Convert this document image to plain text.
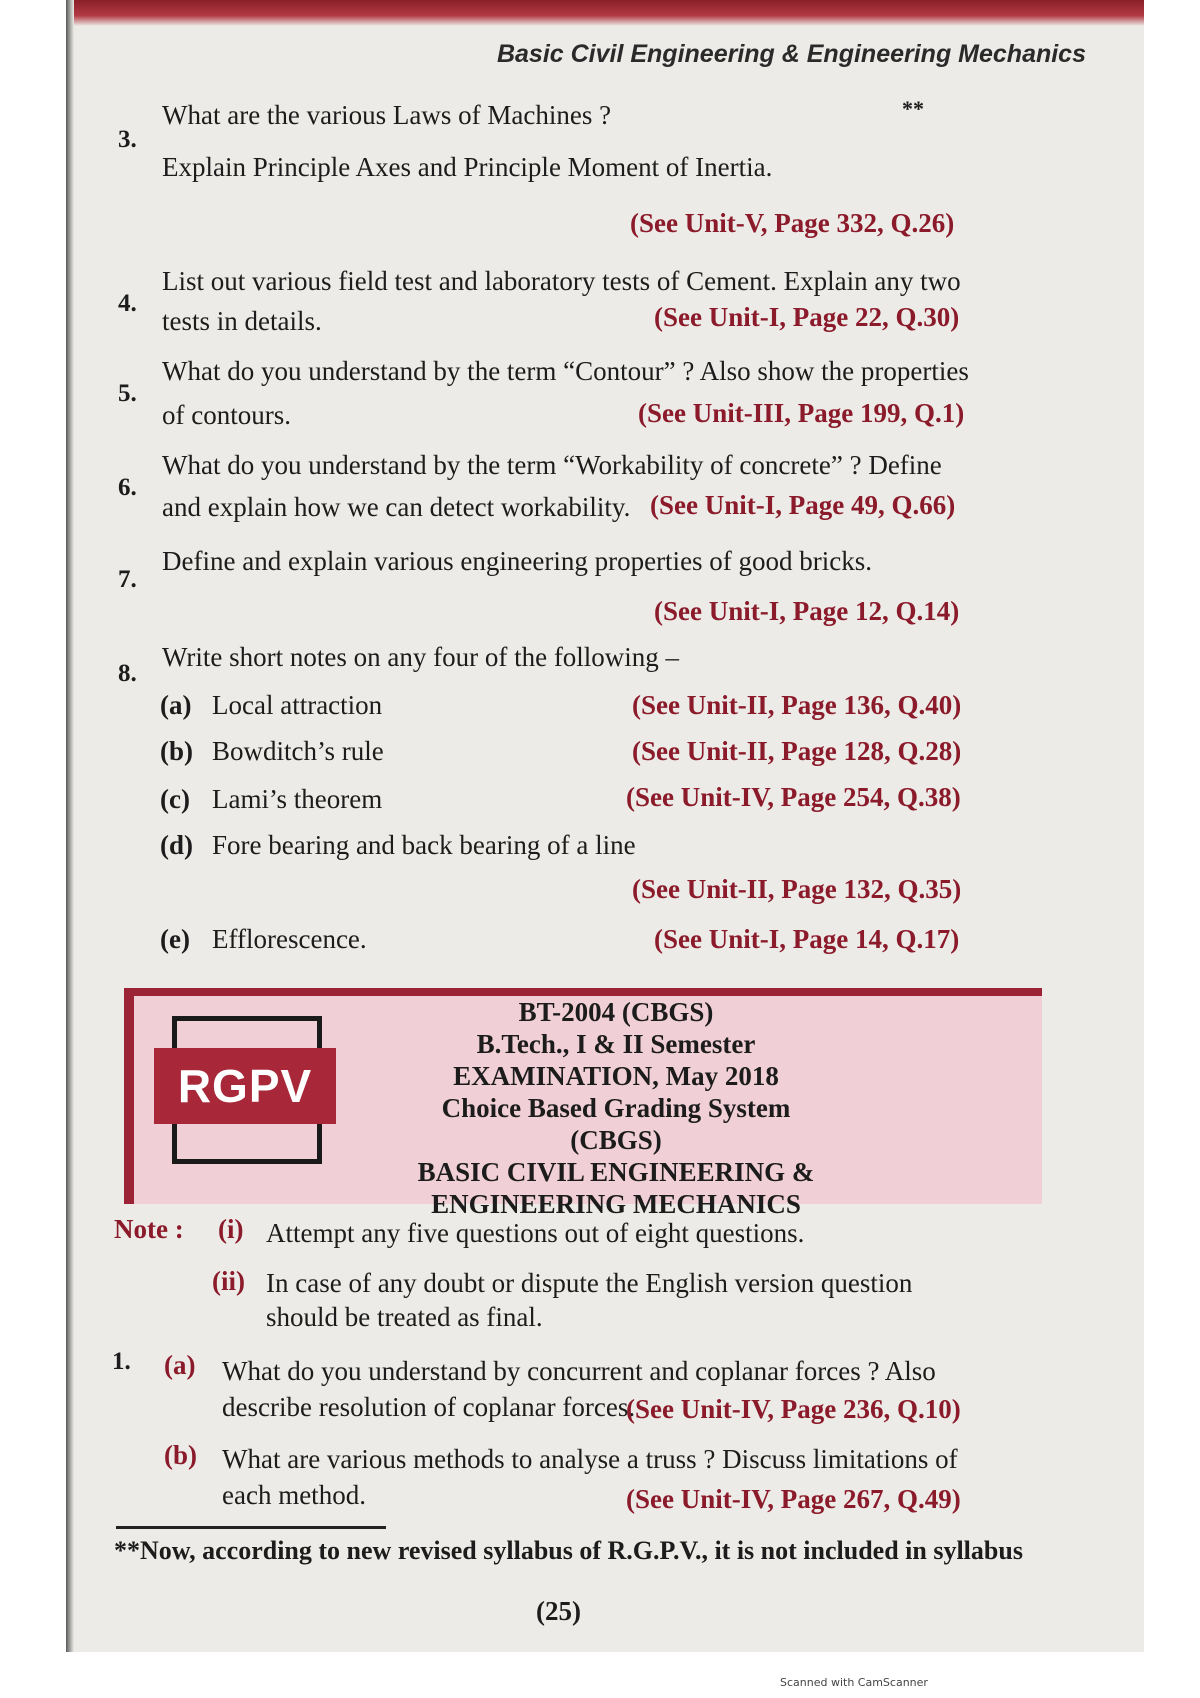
Basic Civil Engineering & Engineering Mechanics
3.
What are the various Laws of Machines ?	**
Explain Principle Axes and Principle Moment of Inertia.
(See Unit-V, Page 332, Q.26)
4.
List out various field test and laboratory tests of Cement. Explain any two
tests in details.	(See Unit-I, Page 22, Q.30)
5.
What do you understand by the term “Contour” ? Also show the properties
of contours.	(See Unit-III, Page 199, Q.1)
6.
What do you understand by the term “Workability of concrete” ? Define
and explain how we can detect workability. (See Unit-I, Page 49, Q.66)
7.
Define and explain various engineering properties of good bricks.
(See Unit-I, Page 12, Q.14)
8.
Write short notes on any four of the following –
(a) Local attraction	(See Unit-II, Page 136, Q.40)
(b) Bowditch’s rule	(See Unit-II, Page 128, Q.28)
(c) Lami’s theorem	(See Unit-IV, Page 254, Q.38)
(d) Fore bearing and back bearing of a line
(See Unit-II, Page 132, Q.35)
(e) Efflorescence.	(See Unit-I, Page 14, Q.17)
RGPV
BT-2004 (CBGS)
B.Tech., I & II Semester
EXAMINATION, May 2018
Choice Based Grading System (CBGS)
BASIC CIVIL ENGINEERING &
ENGINEERING MECHANICS
Note : (i) Attempt any five questions out of eight questions.
(ii) In case of any doubt or dispute the English version question
should be treated as final.
1. (a) What do you understand by concurrent and coplanar forces ? Also
describe resolution of coplanar forces.
(See Unit-IV, Page 236, Q.10)
(b) What are various methods to analyse a truss ? Discuss limitations of
each method.	(See Unit-IV, Page 267, Q.49)
**Now, according to new revised syllabus of R.G.P.V., it is not included in syllabus
(25)
Scanned with CamScanner
